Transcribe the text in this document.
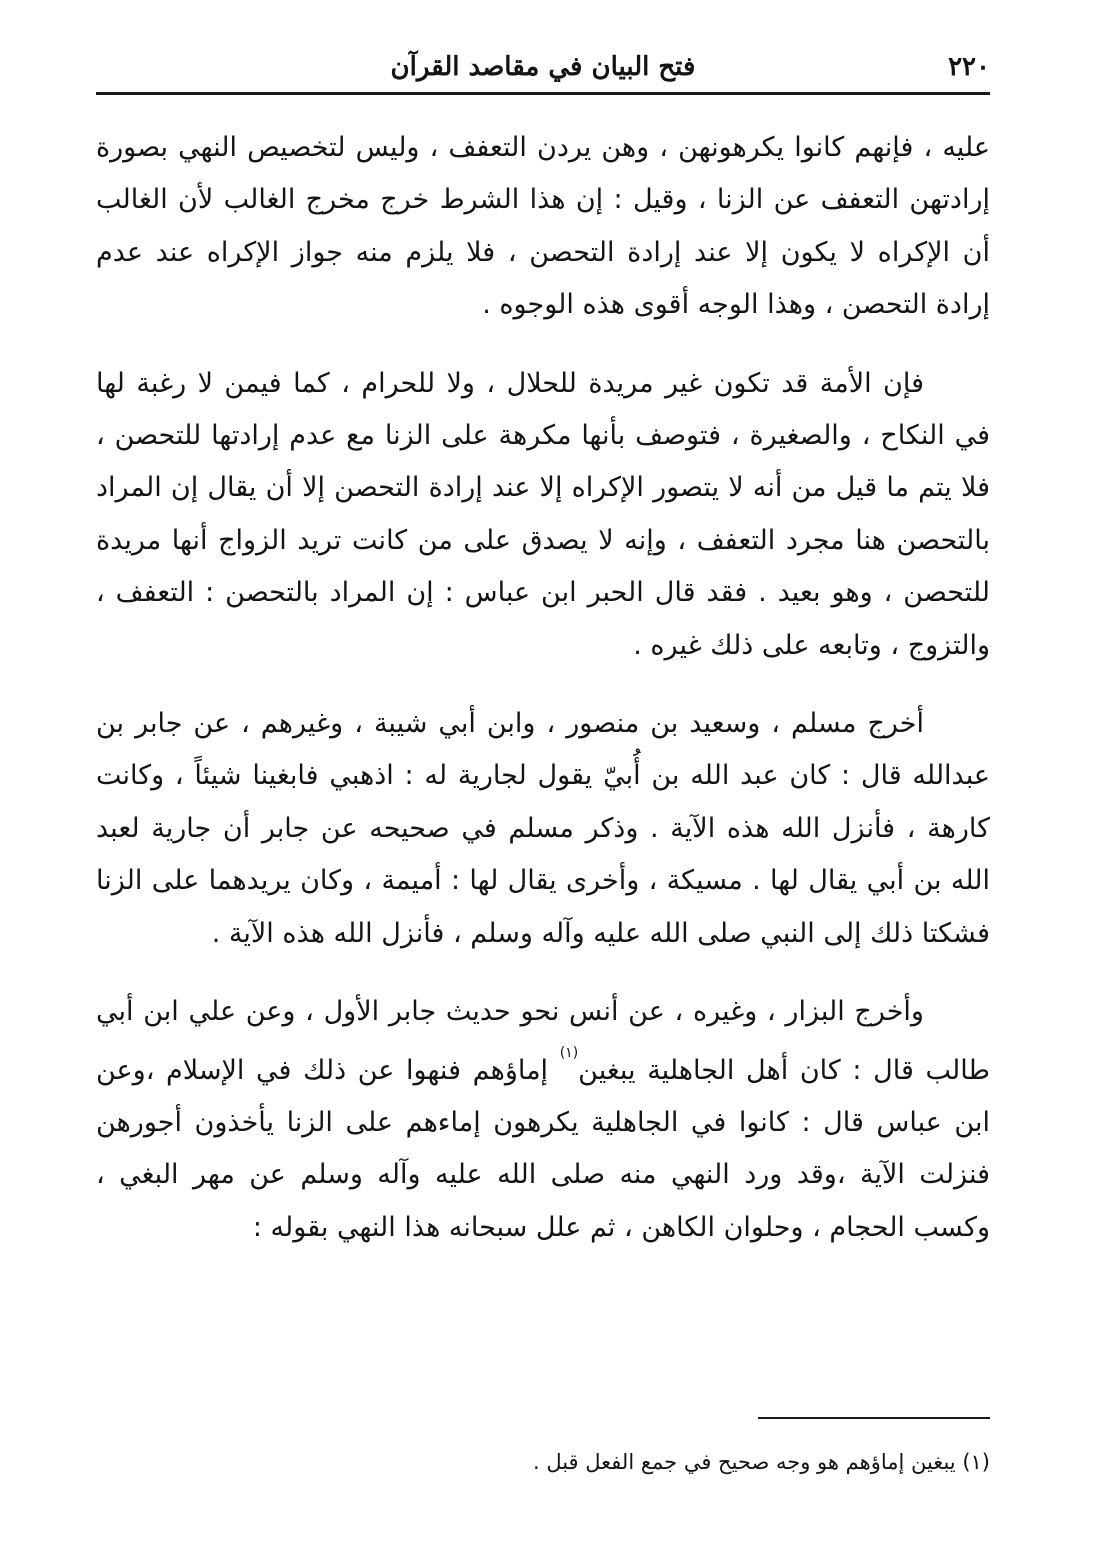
٢٢٠
فتح البيان في مقاصد القرآن

عليه ، فإنهم كانوا يكرهونهن ، وهن يردن التعفف ، وليس لتخصيص النهي بصورة إرادتهن التعفف عن الزنا ، وقيل : إن هذا الشرط خرج مخرج الغالب لأن الغالب أن الإكراه لا يكون إلا عند إرادة التحصن ، فلا يلزم منه جواز الإكراه عند عدم إرادة التحصن ، وهذا الوجه أقوى هذه الوجوه .

فإن الأمة قد تكون غير مريدة للحلال ، ولا للحرام ، كما فيمن لا رغبة لها في النكاح ، والصغيرة ، فتوصف بأنها مكرهة على الزنا مع عدم إرادتها للتحصن ، فلا يتم ما قيل من أنه لا يتصور الإكراه إلا عند إرادة التحصن إلا أن يقال إن المراد بالتحصن هنا مجرد التعفف ، وإنه لا يصدق على من كانت تريد الزواج أنها مريدة للتحصن ، وهو بعيد . فقد قال الحبر ابن عباس : إن المراد بالتحصن : التعفف ، والتزوج ، وتابعه على ذلك غيره .

أخرج مسلم ، وسعيد بن منصور ، وابن أبي شيبة ، وغيرهم ، عن جابر بن عبدالله قال : كان عبد الله بن أُبيّ يقول لجارية له : اذهبي فابغينا شيئاً ، وكانت كارهة ، فأنزل الله هذه الآية . وذكر مسلم في صحيحه عن جابر أن جارية لعبد الله بن أبي يقال لها . مسيكة ، وأخرى يقال لها : أميمة ، وكان يريدهما على الزنا فشكتا ذلك إلى النبي صلى الله عليه وآله وسلم ، فأنزل الله هذه الآية .

وأخرج البزار ، وغيره ، عن أنس نحو حديث جابر الأول ، وعن علي ابن أبي طالب قال : كان أهل الجاهلية يبغين$^{(١)}$ إماؤهم فنهوا عن ذلك في الإسلام ،وعن ابن عباس قال : كانوا في الجاهلية يكرهون إماءهم على الزنا يأخذون أجورهن فنزلت الآية ،وقد ورد النهي منه صلى الله عليه وآله وسلم عن مهر البغي ، وكسب الحجام ، وحلوان الكاهن ، ثم علل سبحانه هذا النهي بقوله :

(١) يبغين إماؤهم هو وجه صحيح في جمع الفعل قبل .
